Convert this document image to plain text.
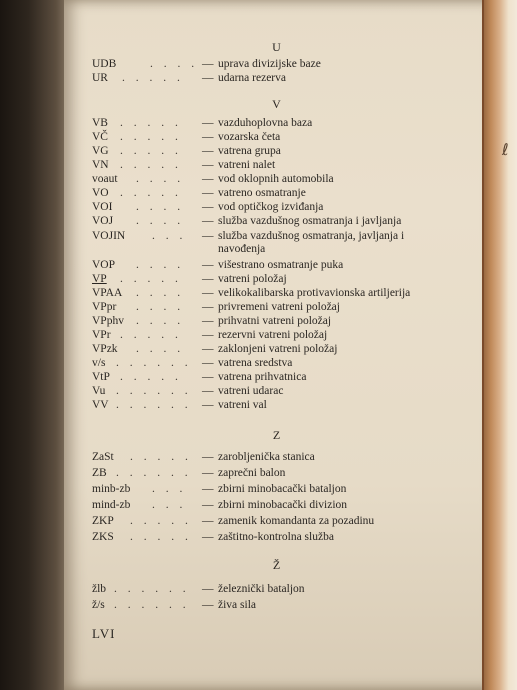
ℓ
U
UDB	. . . . — uprava divizijske baze
UR . . . . . — udarna rezerva
V
VB . . . . . — vazduhoplovna baza
VČ . . . . . — vozarska četa
VG . . . . . — vatrena grupa
VN . . . . . — vatreni nalet
voaut . . . . — vod oklopnih automobila
VO . . . . . — vatreno osmatranje
VOI . . . . — vod optičkog izviđanja
VOJ . . . . — služba vazdušnog osmatranja i javljanja
VOJIN . . . — služba vazdušnog osmatranja, javljanja i navođenja
VOP . . . . — višestrano osmatranje puka
VP . . . . . — vatreni položaj
VPAA . . . . — velikokalibarska protivavionska artiljerija
VPpr . . . . — privremeni vatreni položaj
VPphv . . . . — prihvatni vatreni položaj
VPr . . . . . — rezervni vatreni položaj
VPzk . . . . — zaklonjeni vatreni položaj
v/s . . . . . . — vatrena sredstva
VtP . . . . . — vatrena prihvatnica
Vu . . . . . . — vatreni udarac
VV . . . . . . — vatreni val
Z
ZaSt . . . . . — zarobljenička stanica
ZB . . . . . . — zaprečni balon
minb-zb . . . — zbirni minobacački bataljon
mind-zb . . . — zbirni minobacački divizion
ZKP . . . . . — zamenik komandanta za pozadinu
ZKS . . . . . — zaštitno-kontrolna služba
Ž
žlb . . . . . . — železnički bataljon
ž/s . . . . . . — živa sila
LVI
